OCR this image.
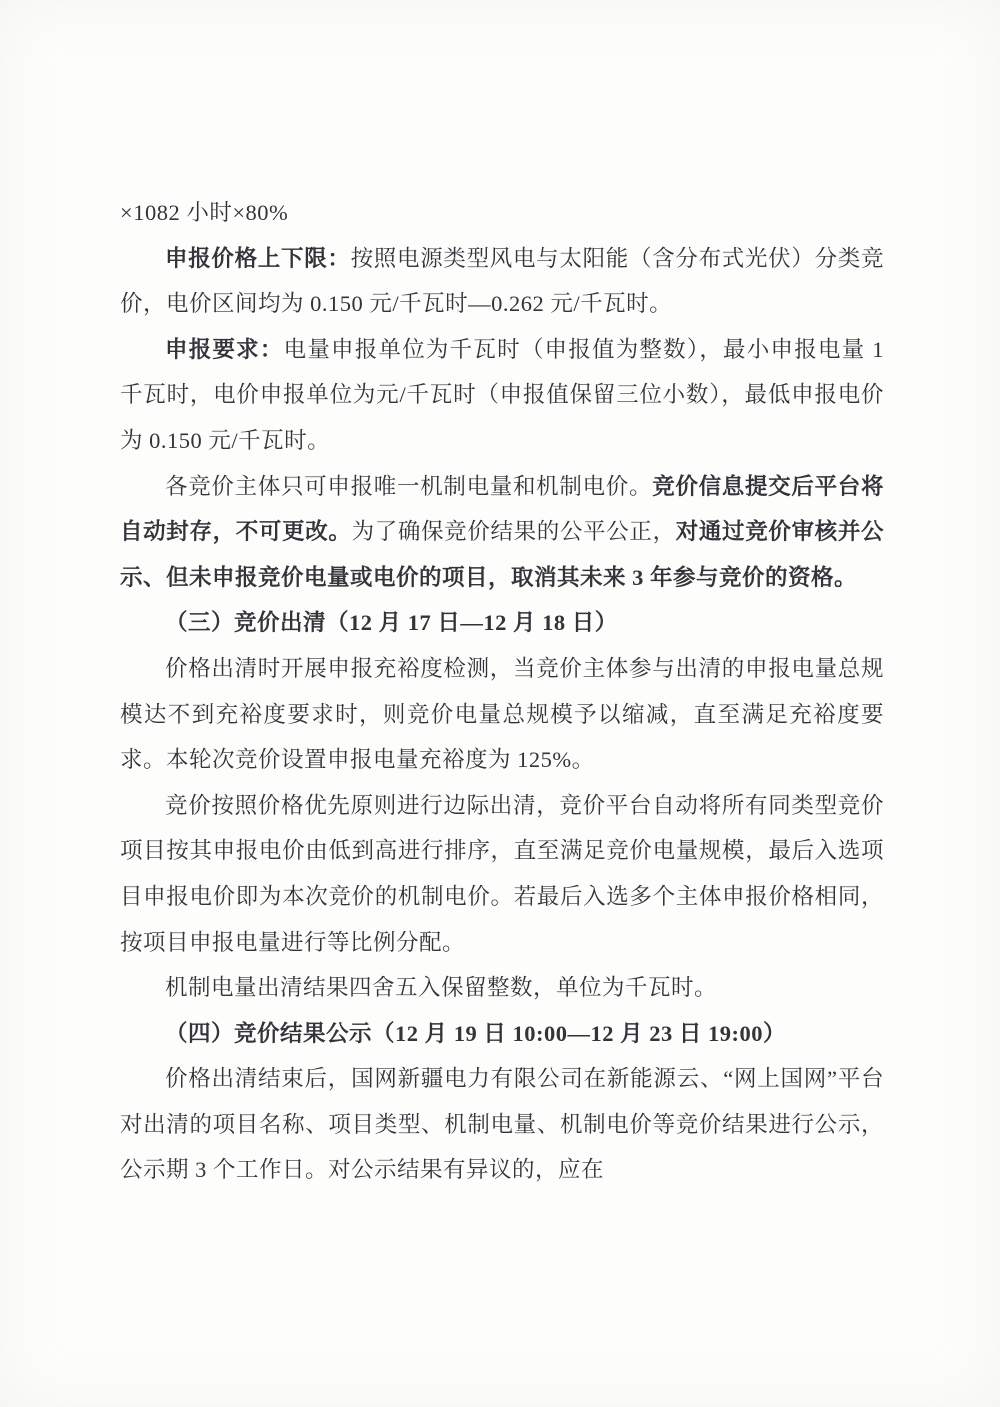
×1082 小时×80%

申报价格上下限：按照电源类型风电与太阳能（含分布式光伏）分类竞价，电价区间均为 0.150 元/千瓦时—0.262 元/千瓦时。

申报要求：电量申报单位为千瓦时（申报值为整数），最小申报电量 1 千瓦时，电价申报单位为元/千瓦时（申报值保留三位小数），最低申报电价为 0.150 元/千瓦时。

各竞价主体只可申报唯一机制电量和机制电价。竞价信息提交后平台将自动封存，不可更改。为了确保竞价结果的公平公正，对通过竞价审核并公示、但未申报竞价电量或电价的项目，取消其未来 3 年参与竞价的资格。

（三）竞价出清（12 月 17 日—12 月 18 日）

价格出清时开展申报充裕度检测，当竞价主体参与出清的申报电量总规模达不到充裕度要求时，则竞价电量总规模予以缩减，直至满足充裕度要求。本轮次竞价设置申报电量充裕度为 125%。

竞价按照价格优先原则进行边际出清，竞价平台自动将所有同类型竞价项目按其申报电价由低到高进行排序，直至满足竞价电量规模，最后入选项目申报电价即为本次竞价的机制电价。若最后入选多个主体申报价格相同，按项目申报电量进行等比例分配。

机制电量出清结果四舍五入保留整数，单位为千瓦时。

（四）竞价结果公示（12 月 19 日 10:00—12 月 23 日 19:00）

价格出清结束后，国网新疆电力有限公司在新能源云、“网上国网”平台对出清的项目名称、项目类型、机制电量、机制电价等竞价结果进行公示，公示期 3 个工作日。对公示结果有异议的，应在
